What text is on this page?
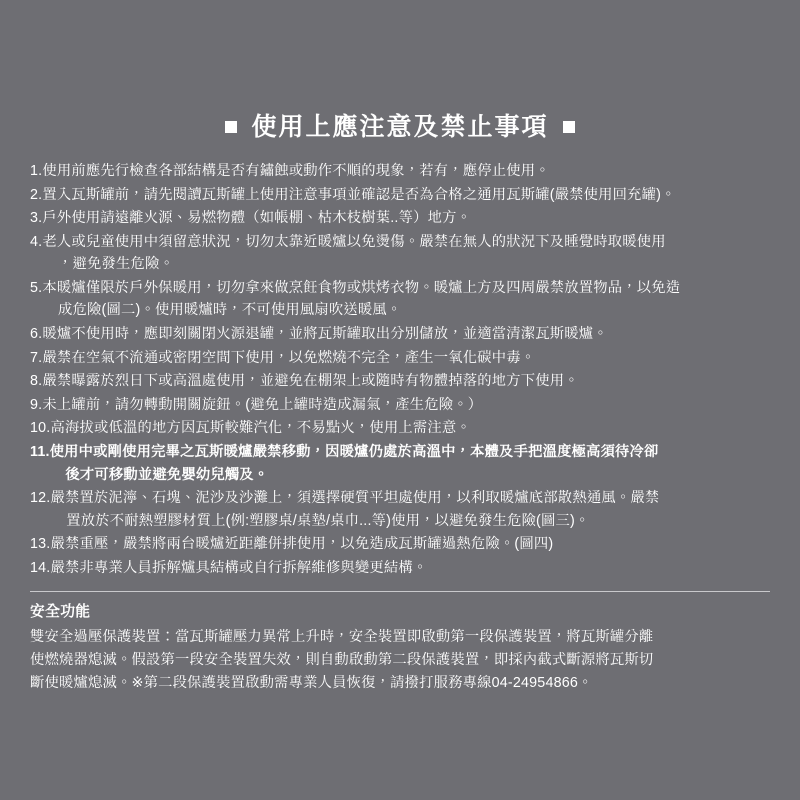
使用上應注意及禁止事項
1. 使用前應先行檢查各部結構是否有鏽蝕或動作不順的現象，若有，應停止使用。
2. 置入瓦斯罐前，請先閱讀瓦斯罐上使用注意事項並確認是否為合格之通用瓦斯罐(嚴禁使用回充罐)。
3. 戶外使用請遠離火源、易燃物體（如帳棚、枯木枝樹葉..等）地方。
4. 老人或兒童使用中須留意狀況，切勿太靠近暖爐以免燙傷。嚴禁在無人的狀況下及睡覺時取暖使用
，避免發生危險。
5. 本暖爐僅限於戶外保暖用，切勿拿來做烹飪食物或烘烤衣物。暖爐上方及四周嚴禁放置物品，以免造
成危險(圖二)。使用暖爐時，不可使用風扇吹送暖風。
6. 暖爐不使用時，應即刻關閉火源退罐，並將瓦斯罐取出分別儲放，並適當清潔瓦斯暖爐。
7. 嚴禁在空氣不流通或密閉空間下使用，以免燃燒不完全，產生一氧化碳中毒。
8. 嚴禁曝露於烈日下或高溫處使用，並避免在棚架上或隨時有物體掉落的地方下使用。
9. 未上罐前，請勿轉動開關旋鈕。(避免上罐時造成漏氣，產生危險。）
10. 高海拔或低溫的地方因瓦斯較難汽化，不易點火，使用上需注意。
11. 使用中或剛使用完畢之瓦斯暖爐嚴禁移動，因暖爐仍處於高溫中，本體及手把溫度極高須待冷卻
後才可移動並避免嬰幼兒觸及。
12. 嚴禁置於泥濘、石塊、泥沙及沙灘上，須選擇硬質平坦處使用，以利取暖爐底部散熱通風。嚴禁
置放於不耐熱塑膠材質上(例:塑膠桌/桌墊/桌巾...等)使用，以避免發生危險(圖三)。
13. 嚴禁重壓，嚴禁將兩台暖爐近距離併排使用，以免造成瓦斯罐過熱危險。(圖四)
14. 嚴禁非專業人員拆解爐具結構或自行拆解維修與變更結構。
安全功能
雙安全過壓保護裝置：當瓦斯罐壓力異常上升時，安全裝置即啟動第一段保護裝置，將瓦斯罐分離
使燃燒器熄滅。假設第一段安全裝置失效，則自動啟動第二段保護裝置，即採內截式斷源將瓦斯切
斷使暖爐熄滅。※第二段保護裝置啟動需專業人員恢復，請撥打服務專線04-24954866。
